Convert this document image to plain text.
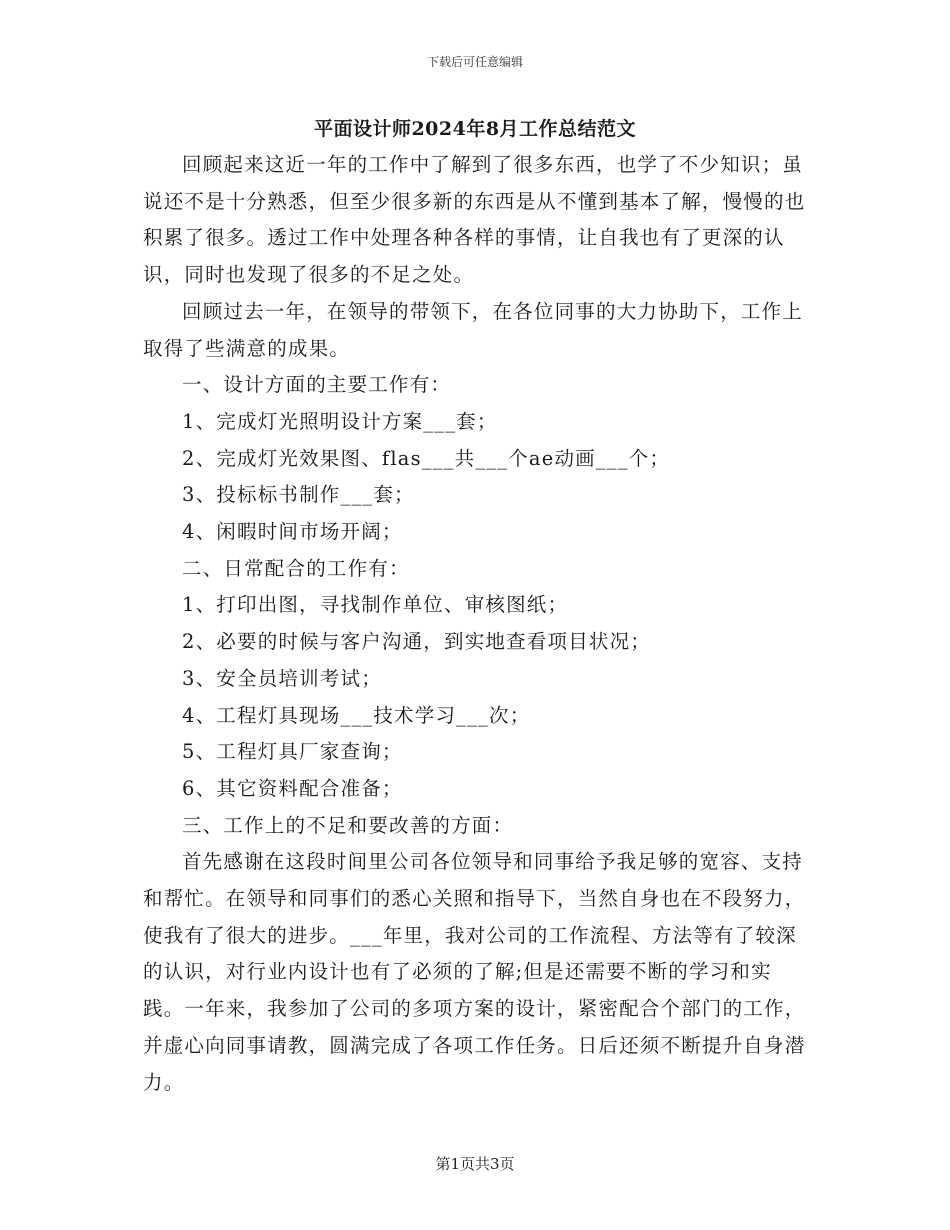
下载后可任意编辑
平面设计师2024年8月工作总结范文

回顾起来这近一年的工作中了解到了很多东西，也学了不少知识；虽说还不是十分熟悉，但至少很多新的东西是从不懂到基本了解，慢慢的也积累了很多。透过工作中处理各种各样的事情，让自我也有了更深的认识，同时也发现了很多的不足之处。

回顾过去一年，在领导的带领下，在各位同事的大力协助下，工作上取得了些满意的成果。

一、设计方面的主要工作有：

1、完成灯光照明设计方案___套；

2、完成灯光效果图、flas___共___个ae动画___个；

3、投标标书制作___套；

4、闲暇时间市场开阔；

二、日常配合的工作有：

1、打印出图，寻找制作单位、审核图纸；

2、必要的时候与客户沟通，到实地查看项目状况；

3、安全员培训考试；

4、工程灯具现场___技术学习___次；

5、工程灯具厂家查询；

6、其它资料配合准备；

三、工作上的不足和要改善的方面：

首先感谢在这段时间里公司各位领导和同事给予我足够的宽容、支持和帮忙。在领导和同事们的悉心关照和指导下，当然自身也在不段努力，使我有了很大的进步。___年里，我对公司的工作流程、方法等有了较深的认识，对行业内设计也有了必须的了解;但是还需要不断的学习和实践。一年来，我参加了公司的多项方案的设计，紧密配合个部门的工作，并虚心向同事请教，圆满完成了各项工作任务。日后还须不断提升自身潜力。

第1页共3页
